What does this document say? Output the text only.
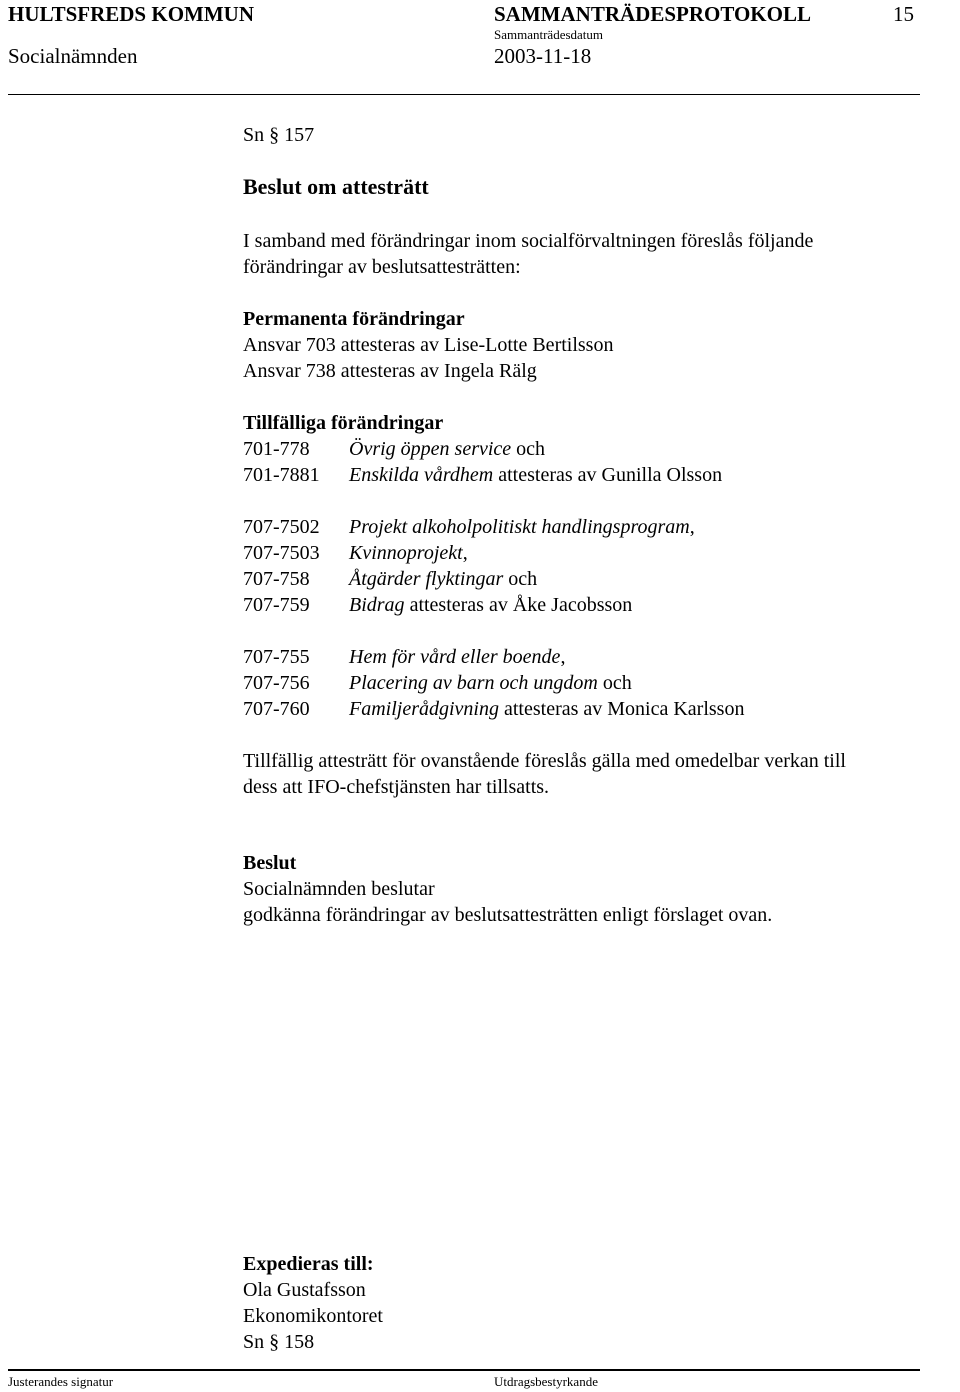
HULTSFREDS KOMMUN	SAMMANTRÄDESPROTOKOLL	15
Sammanträdesdatum
Socialnämnden	2003-11-18
Sn § 157
Beslut om attesträtt
I samband med förändringar inom socialförvaltningen föreslås följande
förändringar av beslutsattesträtten:
Permanenta förändringar
Ansvar 703 attesteras av Lise-Lotte Bertilsson
Ansvar 738 attesteras av Ingela Rälg
Tillfälliga förändringar
701-778 Övrig öppen service och
701-7881 Enskilda vårdhem attesteras av Gunilla Olsson
707-7502 Projekt alkoholpolitiskt handlingsprogram,
707-7503 Kvinnoprojekt,
707-758 Åtgärder flyktingar och
707-759 Bidrag attesteras av Åke Jacobsson
707-755 Hem för vård eller boende,
707-756 Placering av barn och ungdom och
707-760 Familjerådgivning attesteras av Monica Karlsson
Tillfällig attesträtt för ovanstående föreslås gälla med omedelbar verkan till
dess att IFO-chefstjänsten har tillsatts.
Beslut
Socialnämnden beslutar
godkänna förändringar av beslutsattesträtten enligt förslaget ovan.
Expedieras till:
Ola Gustafsson
Ekonomikontoret
Sn § 158
Justerandes signatur	Utdragsbestyrkande
